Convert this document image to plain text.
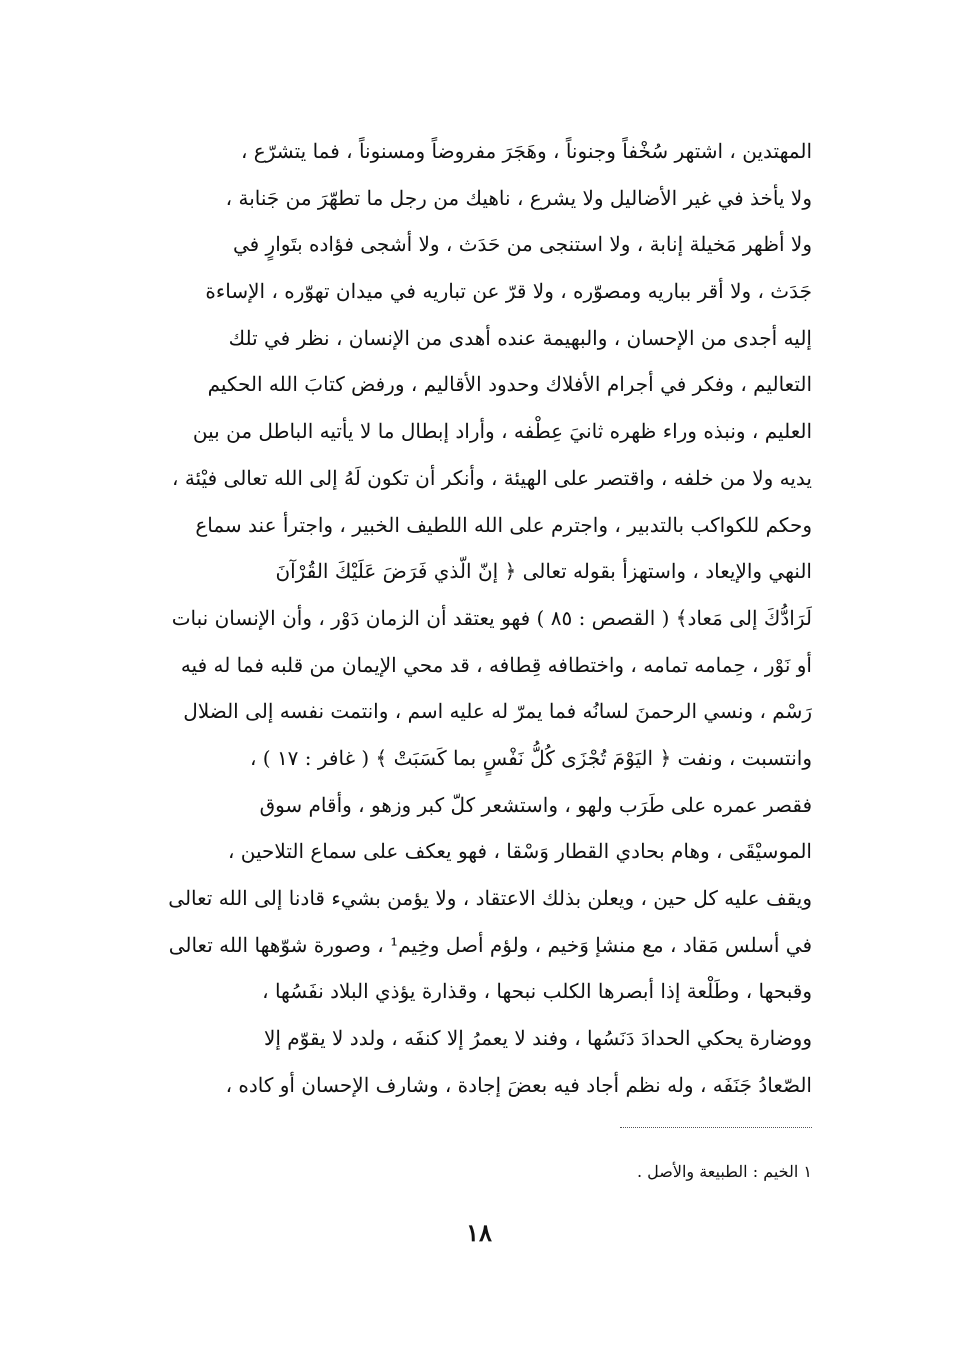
المهتدين ، اشتهر سُخْفاً وجنوناً ، وهَجَرَ مفروضاً ومسنوناً ، فما يتشرّع ،
ولا يأخذ في غير الأضاليل ولا يشرع ، ناهيك من رجل ما تطهّرَ من جَنابة ،
ولا أظهر مَخيلة إنابة ، ولا استنجى من حَدَث ، ولا أشجى فؤاده بتَوارٍ في
جَدَث ، ولا أقر بباريه ومصوّره ، ولا قرّ عن تباريه في ميدان تهوّره ، الإساءة
إليه أجدى من الإحسان ، والبهيمة عنده أهدى من الإنسان ، نظر في تلك
التعاليم ، وفكر في أجرام الأفلاك وحدود الأقاليم ، ورفض كتابَ الله الحكيم
العليم ، ونبذه وراء ظهره ثانيَ عِطْفه ، وأراد إبطال ما لا يأتيه الباطل من بين
يديه ولا من خلفه ، واقتصر على الهيئة ، وأنكر أن تكون لَهُ إلى الله تعالى فيْئة ،
وحكم للكواكب بالتدبير ، واجترم على الله اللطيف الخبير ، واجترأ عند سماع
النهي والإيعاد ، واستهزأ بقوله تعالى ﴿ إنّ الّذي فَرَضَ عَلَيْكَ القُرْآنَ
لَرَادُّكَ إلى مَعاد﴾ ( القصص : ٨٥ ) فهو يعتقد أن الزمان دَوْر ، وأن الإنسان نبات
أو نَوْر ، حِمامه تمامه ، واختطافه قِطافه ، قد محي الإيمان من قلبه فما له فيه
رَسْم ، ونسي الرحمنَ لسانُه فما يمرّ له عليه اسم ، وانتمت نفسه إلى الضلال
وانتسبت ، ونفت ﴿ اليَوْمَ تُجْزَى كُلُّ نَفْسٍ بما كَسَبَتْ ﴾ ( غافر : ١٧ ) ،
فقصر عمره على طَرَب ولهو ، واستشعر كلّ كبر وزهو ، وأقام سوق
الموسيْقَى ، وهام بحادي القطار وَسْقا ، فهو يعكف على سماع التلاحين ،
ويقف عليه كل حين ، ويعلن بذلك الاعتقاد ، ولا يؤمن بشيء قادنا إلى الله تعالى
في أسلس مَقاد ، مع منشإ وَخيم ، ولؤم أصل وخِيم¹ ، وصورة شوّهها الله تعالى
وقبحها ، وطَلْعة إذا أبصرها الكلب نبحها ، وقذارة يؤذي البلاد نفَسُها ،
ووضارة يحكي الحدادَ دَنَسُها ، وفند لا يعمرُ إلا كنفَه ، ولدد لا يقوّم إلا
الصّعادُ جَنَفَه ، وله نظم أجاد فيه بعضَ إجادة ، وشارف الإحسان أو كاده ،
١ الخيم : الطبيعة والأصل .
١٨
